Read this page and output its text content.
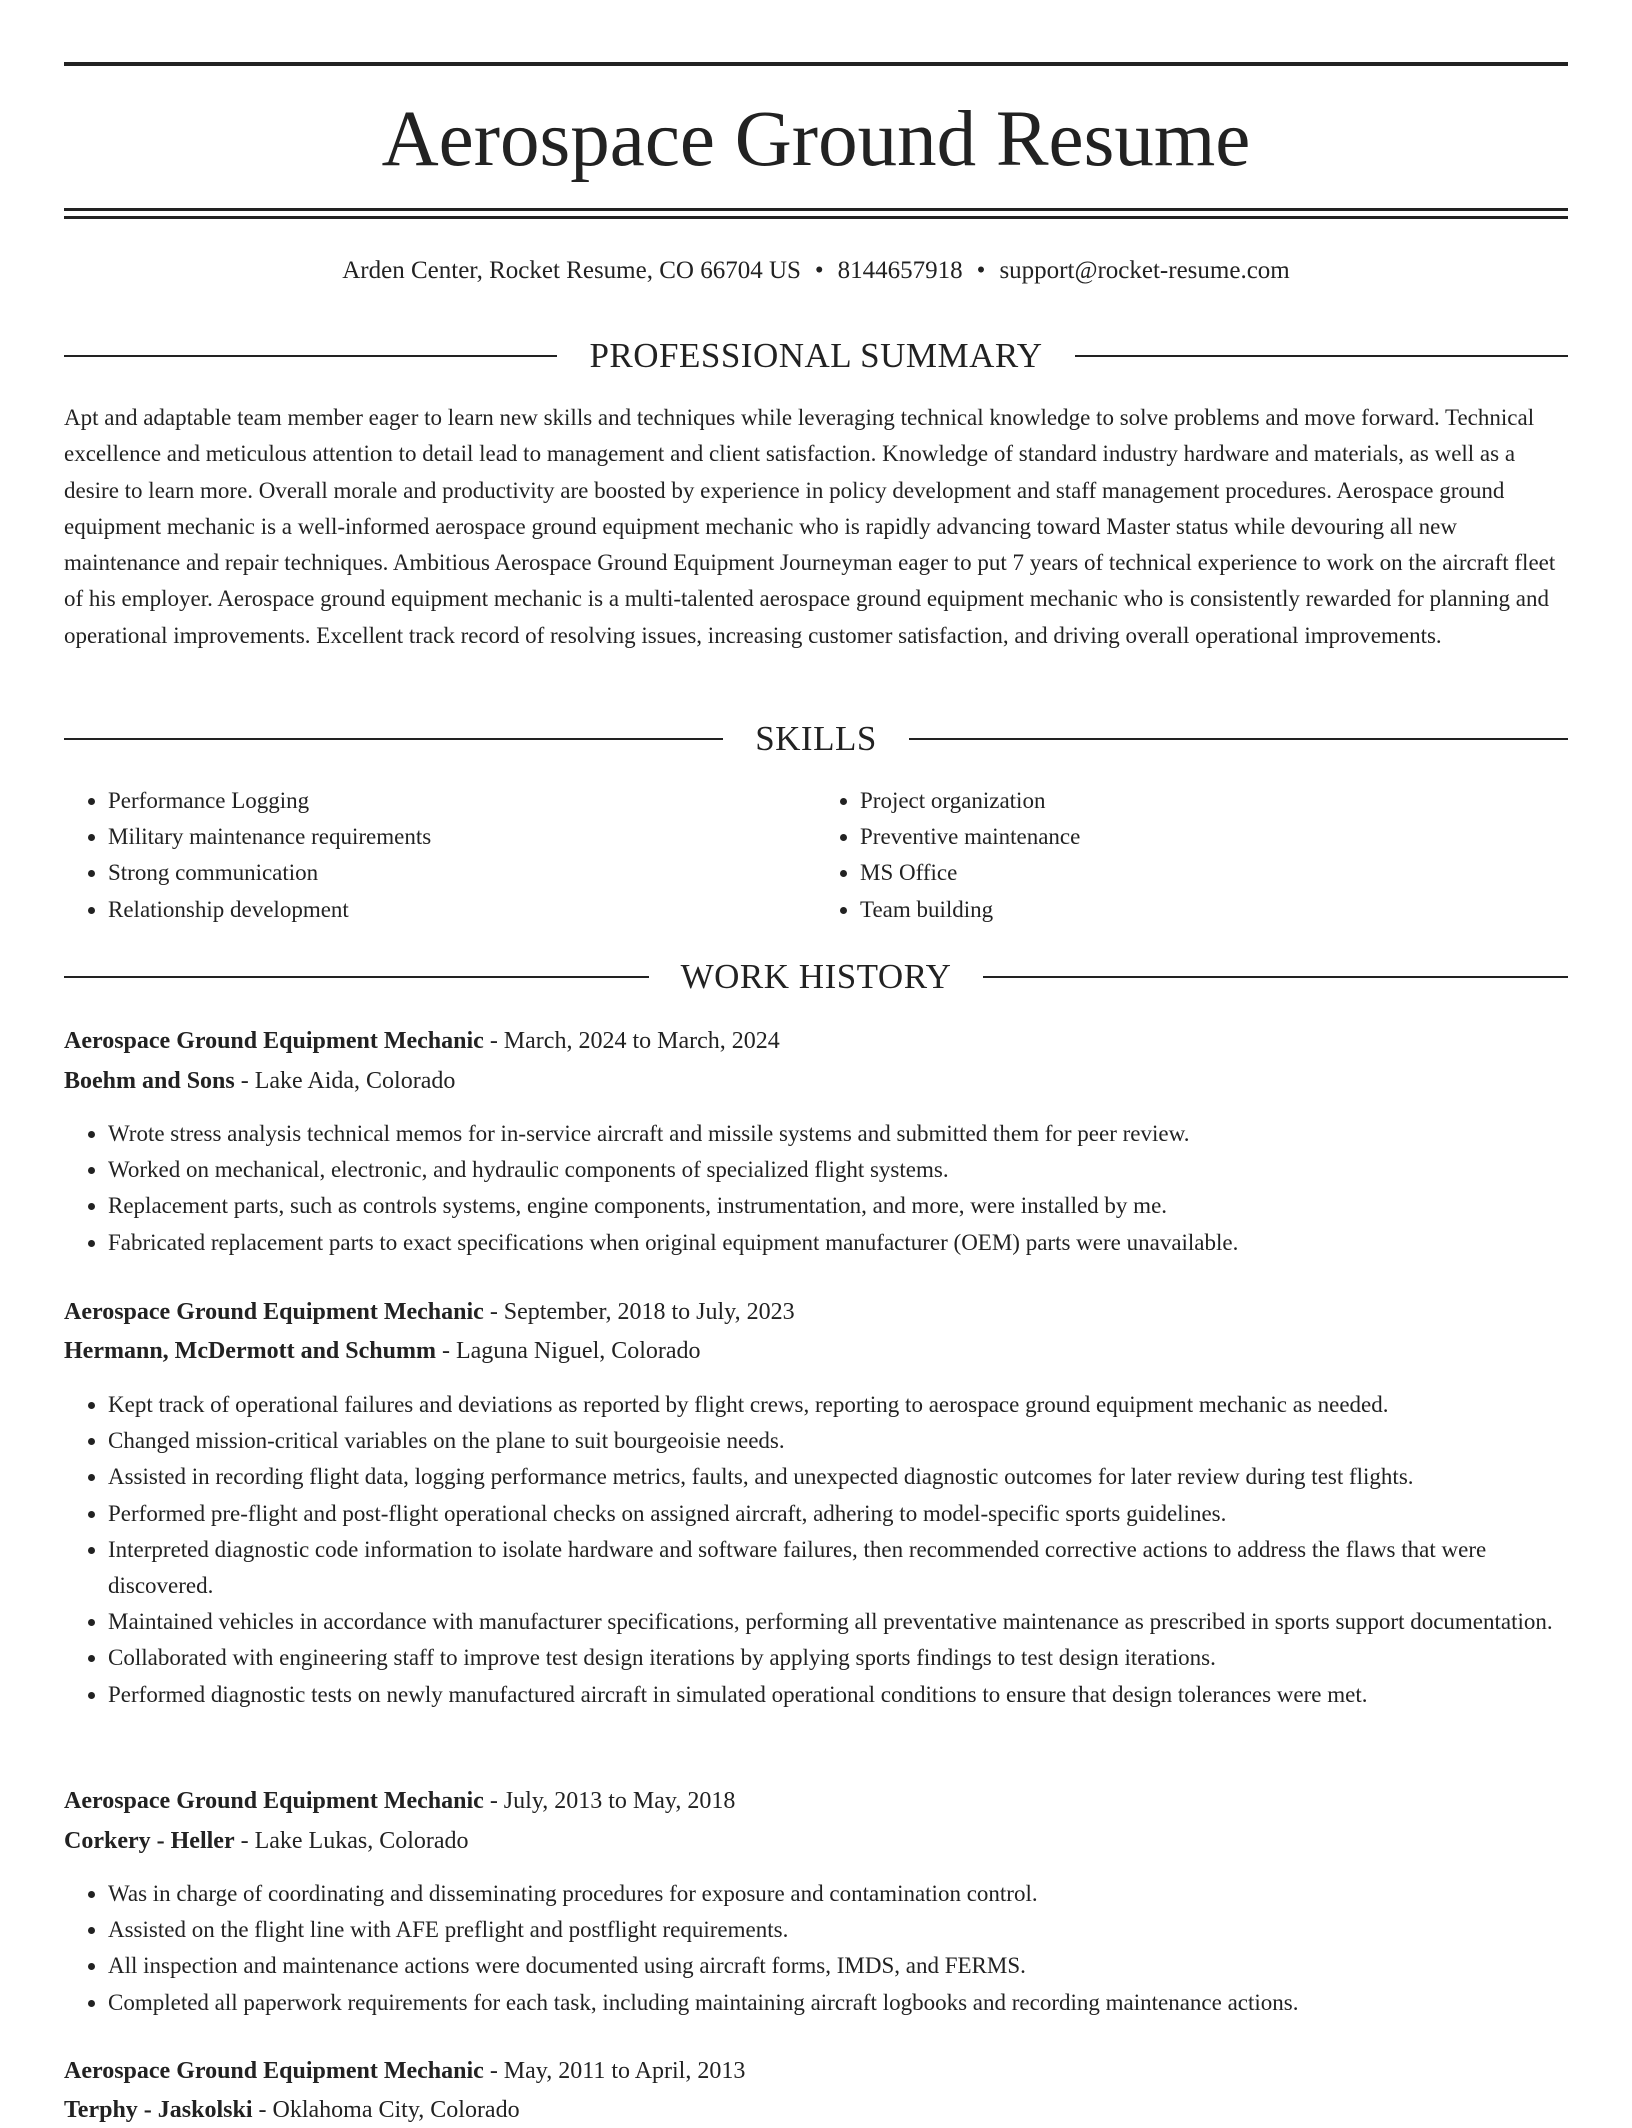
Aerospace Ground Resume
Arden Center, Rocket Resume, CO 66704 US • 8144657918 • support@rocket-resume.com
PROFESSIONAL SUMMARY

Apt and adaptable team member eager to learn new skills and techniques while leveraging technical knowledge to solve problems and move forward. Technical excellence and meticulous attention to detail lead to management and client satisfaction. Knowledge of standard industry hardware and materials, as well as a desire to learn more. Overall morale and productivity are boosted by experience in policy development and staff management procedures. Aerospace ground equipment mechanic is a well-informed aerospace ground equipment mechanic who is rapidly advancing toward Master status while devouring all new maintenance and repair techniques. Ambitious Aerospace Ground Equipment Journeyman eager to put 7 years of technical experience to work on the aircraft fleet of his employer. Aerospace ground equipment mechanic is a multi-talented aerospace ground equipment mechanic who is consistently rewarded for planning and operational improvements. Excellent track record of resolving issues, increasing customer satisfaction, and driving overall operational improvements.

SKILLS
• Performance Logging
• Military maintenance requirements
• Strong communication
• Relationship development
• Project organization
• Preventive maintenance
• MS Office
• Team building
WORK HISTORY
Aerospace Ground Equipment Mechanic - March, 2024 to March, 2024
Boehm and Sons - Lake Aida, Colorado
• Wrote stress analysis technical memos for in-service aircraft and missile systems and submitted them for peer review.
• Worked on mechanical, electronic, and hydraulic components of specialized flight systems.
• Replacement parts, such as controls systems, engine components, instrumentation, and more, were installed by me.
• Fabricated replacement parts to exact specifications when original equipment manufacturer (OEM) parts were unavailable.
Aerospace Ground Equipment Mechanic - September, 2018 to July, 2023
Hermann, McDermott and Schumm - Laguna Niguel, Colorado
• Kept track of operational failures and deviations as reported by flight crews, reporting to aerospace ground equipment mechanic as needed.
• Changed mission-critical variables on the plane to suit bourgeoisie needs.
• Assisted in recording flight data, logging performance metrics, faults, and unexpected diagnostic outcomes for later review during test flights.
• Performed pre-flight and post-flight operational checks on assigned aircraft, adhering to model-specific sports guidelines.
• Interpreted diagnostic code information to isolate hardware and software failures, then recommended corrective actions to address the flaws that were discovered.
• Maintained vehicles in accordance with manufacturer specifications, performing all preventative maintenance as prescribed in sports support documentation.
• Collaborated with engineering staff to improve test design iterations by applying sports findings to test design iterations.
• Performed diagnostic tests on newly manufactured aircraft in simulated operational conditions to ensure that design tolerances were met.
Aerospace Ground Equipment Mechanic - July, 2013 to May, 2018
Corkery - Heller - Lake Lukas, Colorado
• Was in charge of coordinating and disseminating procedures for exposure and contamination control.
• Assisted on the flight line with AFE preflight and postflight requirements.
• All inspection and maintenance actions were documented using aircraft forms, IMDS, and FERMS.
• Completed all paperwork requirements for each task, including maintaining aircraft logbooks and recording maintenance actions.
Aerospace Ground Equipment Mechanic - May, 2011 to April, 2013
Terphy - Jaskolski - Oklahoma City, Colorado
